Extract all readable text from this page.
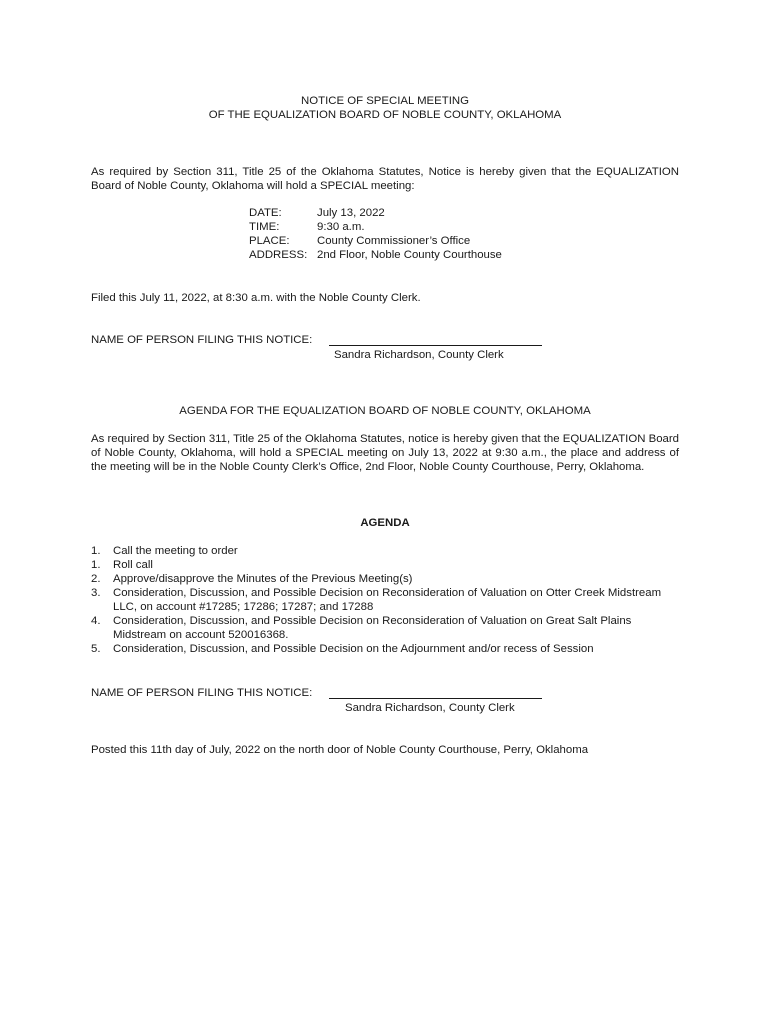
NOTICE OF SPECIAL MEETING
OF THE EQUALIZATION BOARD OF NOBLE COUNTY, OKLAHOMA
As required by Section 311, Title 25 of the Oklahoma Statutes, Notice is hereby given that the EQUALIZATION Board of Noble County, Oklahoma will hold a SPECIAL meeting:
DATE:	July 13, 2022
TIME:	9:30 a.m.
PLACE:	County Commissioner’s Office
ADDRESS:	2nd Floor, Noble County Courthouse
Filed this July 11, 2022, at 8:30 a.m. with the Noble County Clerk.
NAME OF PERSON FILING THIS NOTICE:
Sandra Richardson, County Clerk
AGENDA FOR THE EQUALIZATION BOARD OF NOBLE COUNTY, OKLAHOMA
As required by Section 311, Title 25 of the Oklahoma Statutes, notice is hereby given that the EQUALIZATION Board of Noble County, Oklahoma, will hold a SPECIAL meeting on July 13, 2022 at 9:30 a.m., the place and address of the meeting will be in the Noble County Clerk’s Office, 2nd Floor, Noble County Courthouse, Perry, Oklahoma.
AGENDA
1. Call the meeting to order
1. Roll call
2. Approve/disapprove the Minutes of the Previous Meeting(s)
3. Consideration, Discussion, and Possible Decision on Reconsideration of Valuation on Otter Creek Midstream LLC, on account #17285; 17286; 17287; and 17288
4. Consideration, Discussion, and Possible Decision on Reconsideration of Valuation on Great Salt Plains Midstream on account 520016368.
5. Consideration, Discussion, and Possible Decision on the Adjournment and/or recess of Session
NAME OF PERSON FILING THIS NOTICE:
Sandra Richardson, County Clerk
Posted this 11th day of July, 2022 on the north door of Noble County Courthouse, Perry, Oklahoma
